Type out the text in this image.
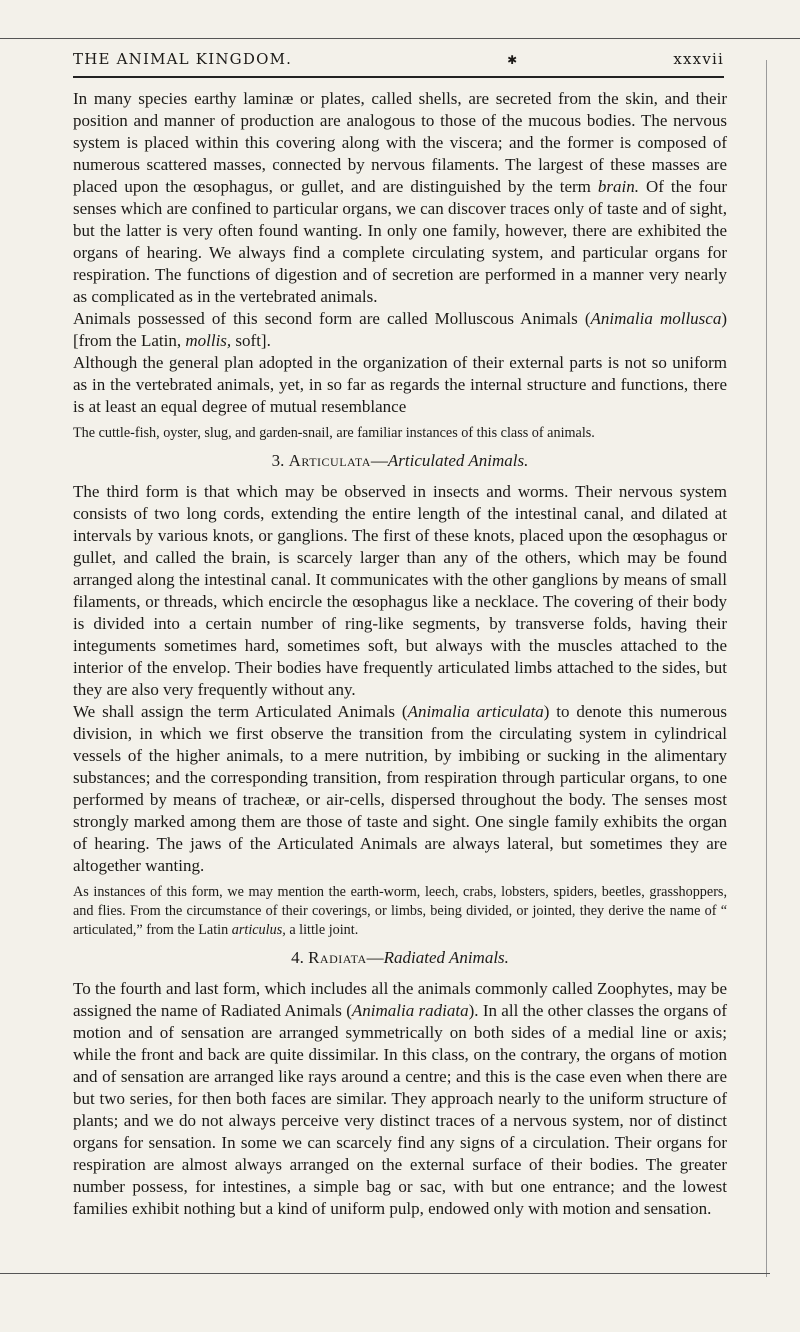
THE ANIMAL KINGDOM.	✱	xxxvii

In many species earthy laminæ or plates, called shells, are secreted from the skin, and their position and manner of production are analogous to those of the mucous bodies. The nervous system is placed within this covering along with the viscera; and the former is composed of numerous scattered masses, connected by nervous filaments. The largest of these masses are placed upon the œsophagus, or gullet, and are distinguished by the term brain. Of the four senses which are confined to particular organs, we can discover traces only of taste and of sight, but the latter is very often found wanting. In only one family, however, there are exhibited the organs of hearing. We always find a complete circulating system, and particular organs for respiration. The functions of digestion and of secretion are performed in a manner very nearly as complicated as in the vertebrated animals.

Animals possessed of this second form are called Molluscous Animals (Animalia mollusca) [from the Latin, mollis, soft].

Although the general plan adopted in the organization of their external parts is not so uniform as in the vertebrated animals, yet, in so far as regards the internal structure and functions, there is at least an equal degree of mutual resemblance

The cuttle-fish, oyster, slug, and garden-snail, are familiar instances of this class of animals.

3. Articulata—Articulated Animals.

The third form is that which may be observed in insects and worms. Their nervous system consists of two long cords, extending the entire length of the intestinal canal, and dilated at intervals by various knots, or ganglions. The first of these knots, placed upon the œsophagus or gullet, and called the brain, is scarcely larger than any of the others, which may be found arranged along the intestinal canal. It communicates with the other ganglions by means of small filaments, or threads, which encircle the œsophagus like a necklace. The covering of their body is divided into a certain number of ring-like segments, by transverse folds, having their integuments sometimes hard, sometimes soft, but always with the muscles attached to the interior of the envelop. Their bodies have frequently articulated limbs attached to the sides, but they are also very frequently without any.

We shall assign the term Articulated Animals (Animalia articulata) to denote this numerous division, in which we first observe the transition from the circulating system in cylindrical vessels of the higher animals, to a mere nutrition, by imbibing or sucking in the alimentary substances; and the corresponding transition, from respiration through particular organs, to one performed by means of tracheæ, or air-cells, dispersed throughout the body. The senses most strongly marked among them are those of taste and sight. One single family exhibits the organ of hearing. The jaws of the Articulated Animals are always lateral, but sometimes they are altogether wanting.

As instances of this form, we may mention the earth-worm, leech, crabs, lobsters, spiders, beetles, grasshoppers, and flies. From the circumstance of their coverings, or limbs, being divided, or jointed, they derive the name of “ articulated,” from the Latin articulus, a little joint.

4. Radiata—Radiated Animals.

To the fourth and last form, which includes all the animals commonly called Zoophytes, may be assigned the name of Radiated Animals (Animalia radiata). In all the other classes the organs of motion and of sensation are arranged symmetrically on both sides of a medial line or axis; while the front and back are quite dissimilar. In this class, on the contrary, the organs of motion and of sensation are arranged like rays around a centre; and this is the case even when there are but two series, for then both faces are similar. They approach nearly to the uniform structure of plants; and we do not always perceive very distinct traces of a nervous system, nor of distinct organs for sensation. In some we can scarcely find any signs of a circulation. Their organs for respiration are almost always arranged on the external surface of their bodies. The greater number possess, for intestines, a simple bag or sac, with but one entrance; and the lowest families exhibit nothing but a kind of uniform pulp, endowed only with motion and sensation.
